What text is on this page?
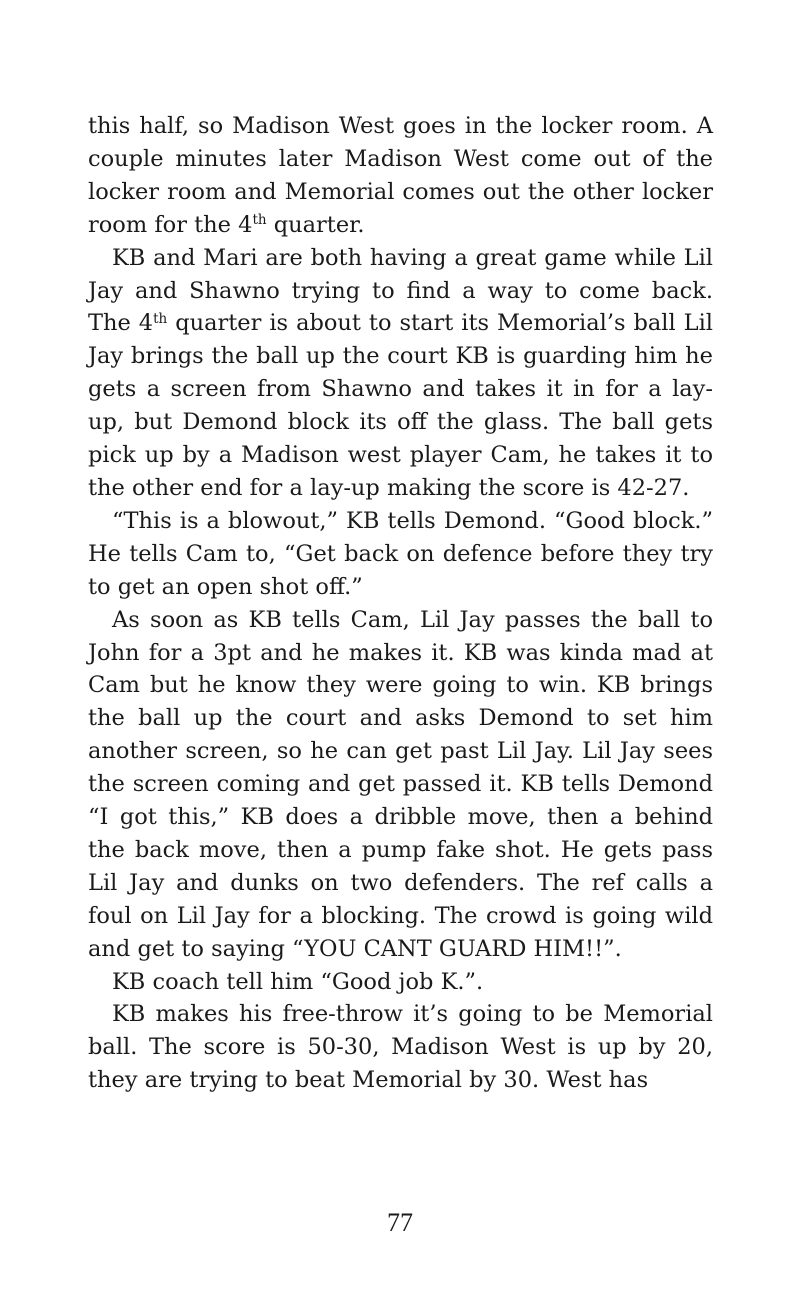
this half, so Madison West goes in the locker room. A couple minutes later Madison West come out of the locker room and Memorial comes out the other locker room for the 4th quarter.

KB and Mari are both having a great game while Lil Jay and Shawno trying to find a way to come back. The 4th quarter is about to start its Memorial’s ball Lil Jay brings the ball up the court KB is guarding him he gets a screen from Shawno and takes it in for a lay-up, but Demond block its off the glass. The ball gets pick up by a Madison west player Cam, he takes it to the other end for a lay-up making the score is 42-27.

“This is a blowout,” KB tells Demond. “Good block.” He tells Cam to, “Get back on defence before they try to get an open shot off.”

As soon as KB tells Cam, Lil Jay passes the ball to John for a 3pt and he makes it. KB was kinda mad at Cam but he know they were going to win. KB brings the ball up the court and asks Demond to set him another screen, so he can get past Lil Jay. Lil Jay sees the screen coming and get passed it. KB tells Demond “I got this,” KB does a dribble move, then a behind the back move, then a pump fake shot. He gets pass Lil Jay and dunks on two defenders. The ref calls a foul on Lil Jay for a blocking. The crowd is going wild and get to saying “YOU CANT GUARD HIM!!”.

KB coach tell him “Good job K.”.

KB makes his free-throw it’s going to be Memorial ball. The score is 50-30, Madison West is up by 20, they are trying to beat Memorial by 30. West has

77
